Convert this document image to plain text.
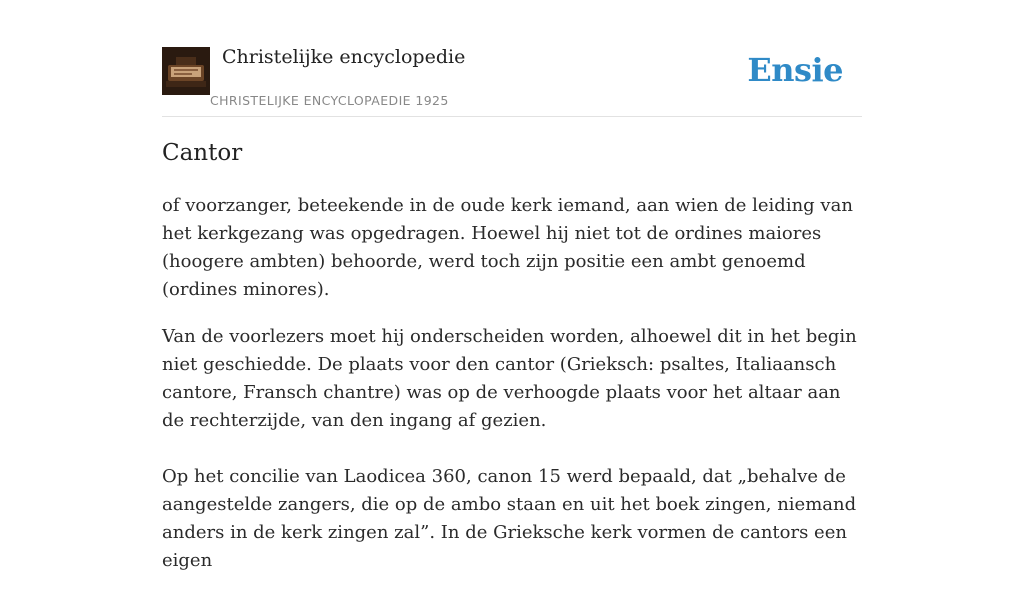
Christelijke encyclopedie
CHRISTELIJKE ENCYCLOPAEDIE 1925
Ensie
Cantor

of voorzanger, beteekende in de oude kerk iemand, aan wien de leiding van het kerkgezang was opgedragen. Hoewel hij niet tot de ordines maiores (hoogere ambten) behoorde, werd toch zijn positie een ambt genoemd (ordines minores).

Van de voorlezers moet hij onderscheiden worden, alhoewel dit in het begin niet geschiedde. De plaats voor den cantor (Grieksch: psaltes, Italiaansch cantore, Fransch chantre) was op de verhoogde plaats voor het altaar aan de rechterzijde, van den ingang af gezien.

Op het concilie van Laodicea 360, canon 15 werd bepaald, dat „behalve de aangestelde zangers, die op de ambo staan en uit het boek zingen, niemand anders in de kerk zingen zal”. In de Grieksche kerk vormen de cantors een eigen
